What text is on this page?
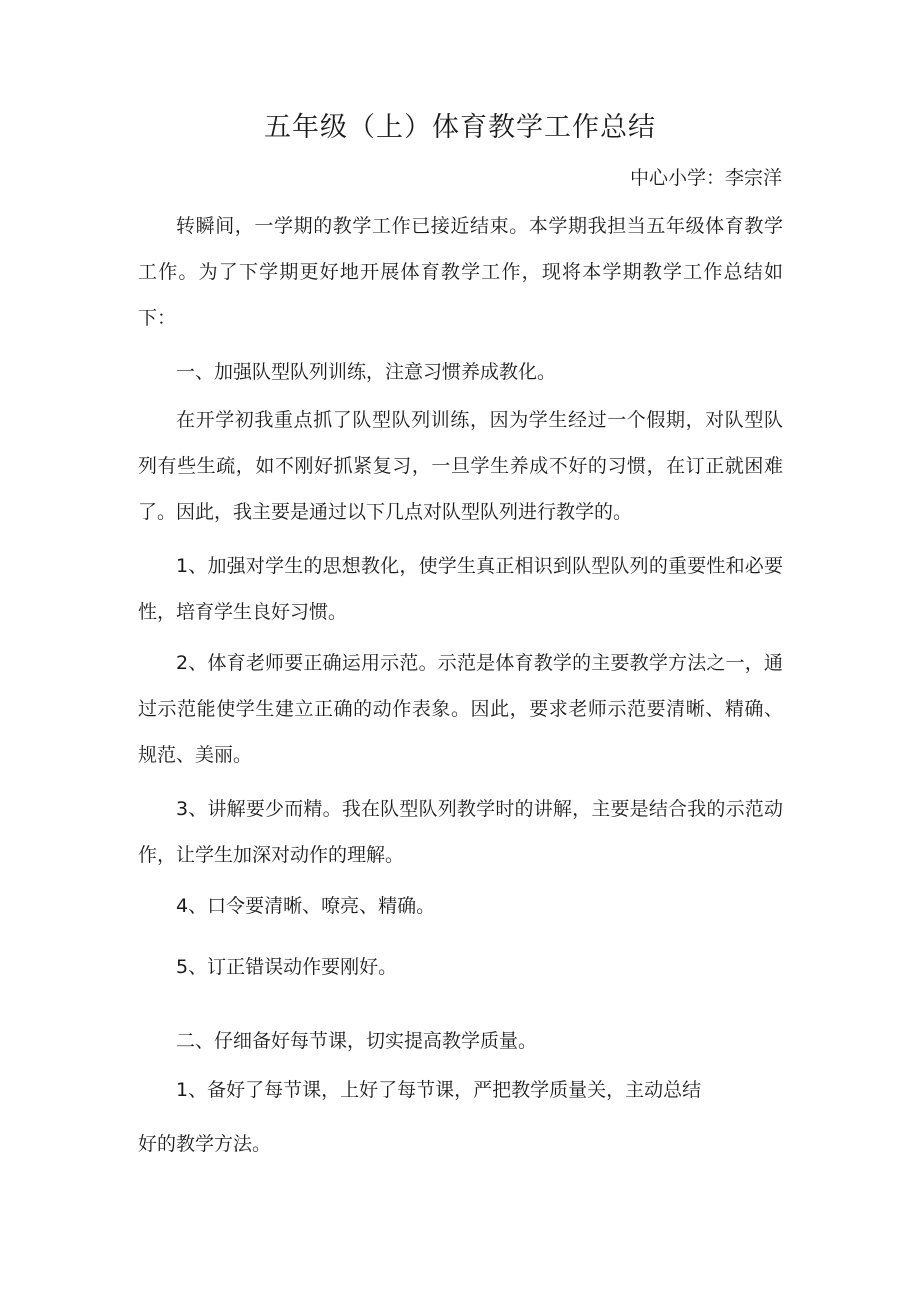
五年级（上）体育教学工作总结
中心小学：李宗洋

转瞬间，一学期的教学工作已接近结束。本学期我担当五年级体育教学工作。为了下学期更好地开展体育教学工作，现将本学期教学工作总结如下：

一、加强队型队列训练，注意习惯养成教化。

在开学初我重点抓了队型队列训练，因为学生经过一个假期，对队型队列有些生疏，如不刚好抓紧复习，一旦学生养成不好的习惯，在订正就困难了。因此，我主要是通过以下几点对队型队列进行教学的。

1、加强对学生的思想教化，使学生真正相识到队型队列的重要性和必要性，培育学生良好习惯。

2、体育老师要正确运用示范。示范是体育教学的主要教学方法之一，通过示范能使学生建立正确的动作表象。因此，要求老师示范要清晰、精确、规范、美丽。

3、讲解要少而精。我在队型队列教学时的讲解，主要是结合我的示范动作，让学生加深对动作的理解。

4、口令要清晰、嘹亮、精确。

5、订正错误动作要刚好。

二、仔细备好每节课，切实提高教学质量。

1、备好了每节课，上好了每节课，严把教学质量关，主动总结
好的教学方法。
